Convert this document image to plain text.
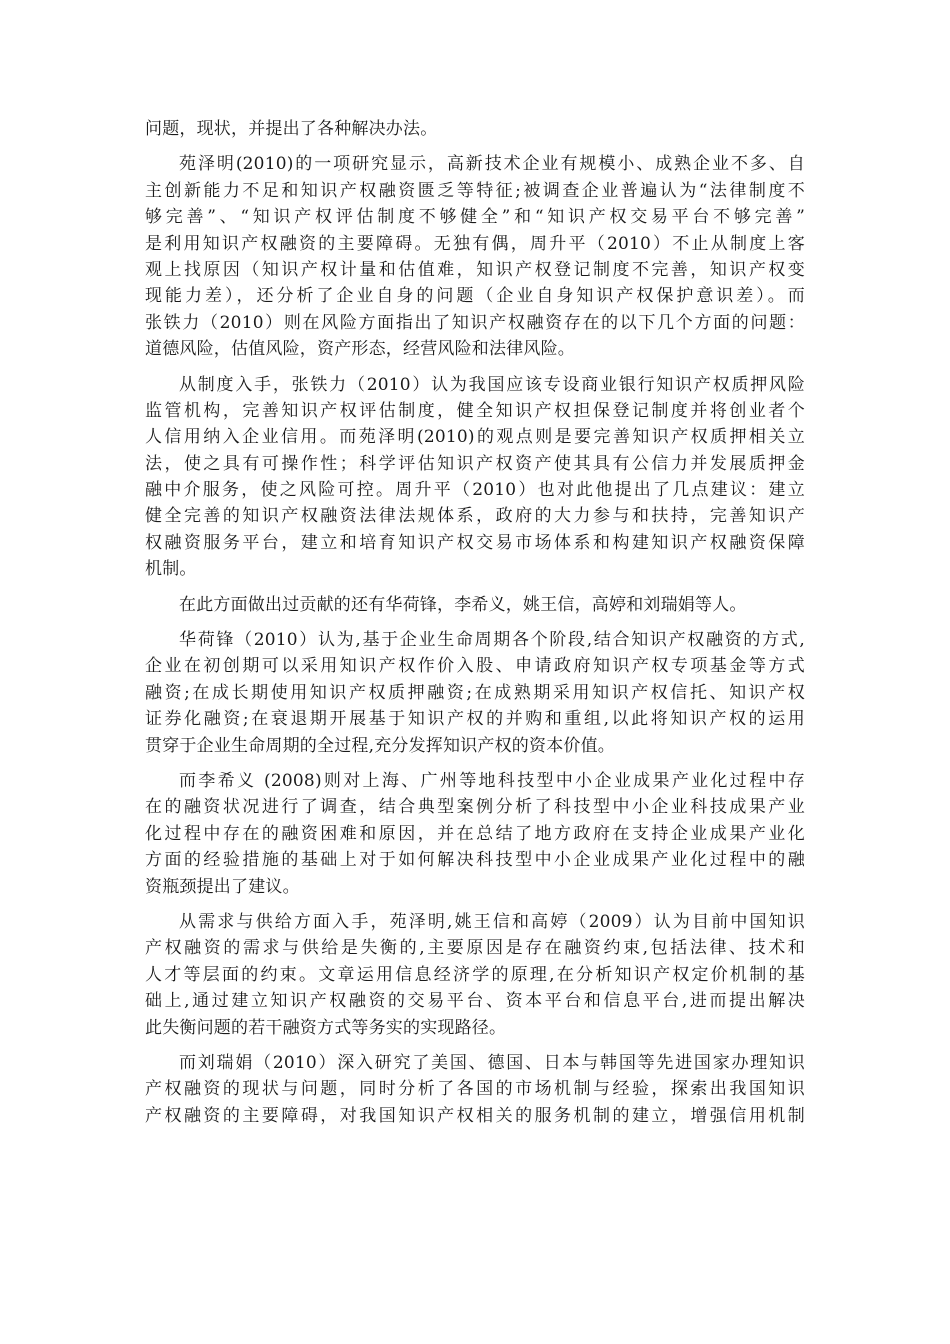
问题，现状，并提出了各种解决办法。
苑泽明(2010)的一项研究显示，高新技术企业有规模小、成熟企业不多、自
主创新能力不足和知识产权融资匮乏等特征;被调查企业普遍认为“法律制度不
够完善”、“知识产权评估制度不够健全”和“知识产权交易平台不够完善”
是利用知识产权融资的主要障碍。无独有偶，周升平（2010）不止从制度上客
观上找原因（知识产权计量和估值难，知识产权登记制度不完善，知识产权变
现能力差），还分析了企业自身的问题（企业自身知识产权保护意识差）。而
张铁力（2010）则在风险方面指出了知识产权融资存在的以下几个方面的问题：
道德风险，估值风险，资产形态，经营风险和法律风险。
从制度入手，张铁力（2010）认为我国应该专设商业银行知识产权质押风险
监管机构，完善知识产权评估制度，健全知识产权担保登记制度并将创业者个
人信用纳入企业信用。而苑泽明(2010)的观点则是要完善知识产权质押相关立
法，使之具有可操作性；科学评估知识产权资产使其具有公信力并发展质押金
融中介服务，使之风险可控。周升平（2010）也对此他提出了几点建议：建立
健全完善的知识产权融资法律法规体系，政府的大力参与和扶持，完善知识产
权融资服务平台，建立和培育知识产权交易市场体系和构建知识产权融资保障
机制。
在此方面做出过贡献的还有华荷锋，李希义，姚王信，高婷和刘瑞娟等人。
华荷锋（2010）认为,基于企业生命周期各个阶段,结合知识产权融资的方式,
企业在初创期可以采用知识产权作价入股、申请政府知识产权专项基金等方式
融资;在成长期使用知识产权质押融资;在成熟期采用知识产权信托、知识产权
证券化融资;在衰退期开展基于知识产权的并购和重组,以此将知识产权的运用
贯穿于企业生命周期的全过程,充分发挥知识产权的资本价值。
而李希义 (2008)则对上海、广州等地科技型中小企业成果产业化过程中存
在的融资状况进行了调查，结合典型案例分析了科技型中小企业科技成果产业
化过程中存在的融资困难和原因，并在总结了地方政府在支持企业成果产业化
方面的经验措施的基础上对于如何解决科技型中小企业成果产业化过程中的融
资瓶颈提出了建议。
从需求与供给方面入手，苑泽明,姚王信和高婷（2009）认为目前中国知识
产权融资的需求与供给是失衡的,主要原因是存在融资约束,包括法律、技术和
人才等层面的约束。文章运用信息经济学的原理,在分析知识产权定价机制的基
础上,通过建立知识产权融资的交易平台、资本平台和信息平台,进而提出解决
此失衡问题的若干融资方式等务实的实现路径。
而刘瑞娟（2010）深入研究了美国、德国、日本与韩国等先进国家办理知识
产权融资的现状与问题，同时分析了各国的市场机制与经验，探索出我国知识
产权融资的主要障碍，对我国知识产权相关的服务机制的建立，增强信用机制
